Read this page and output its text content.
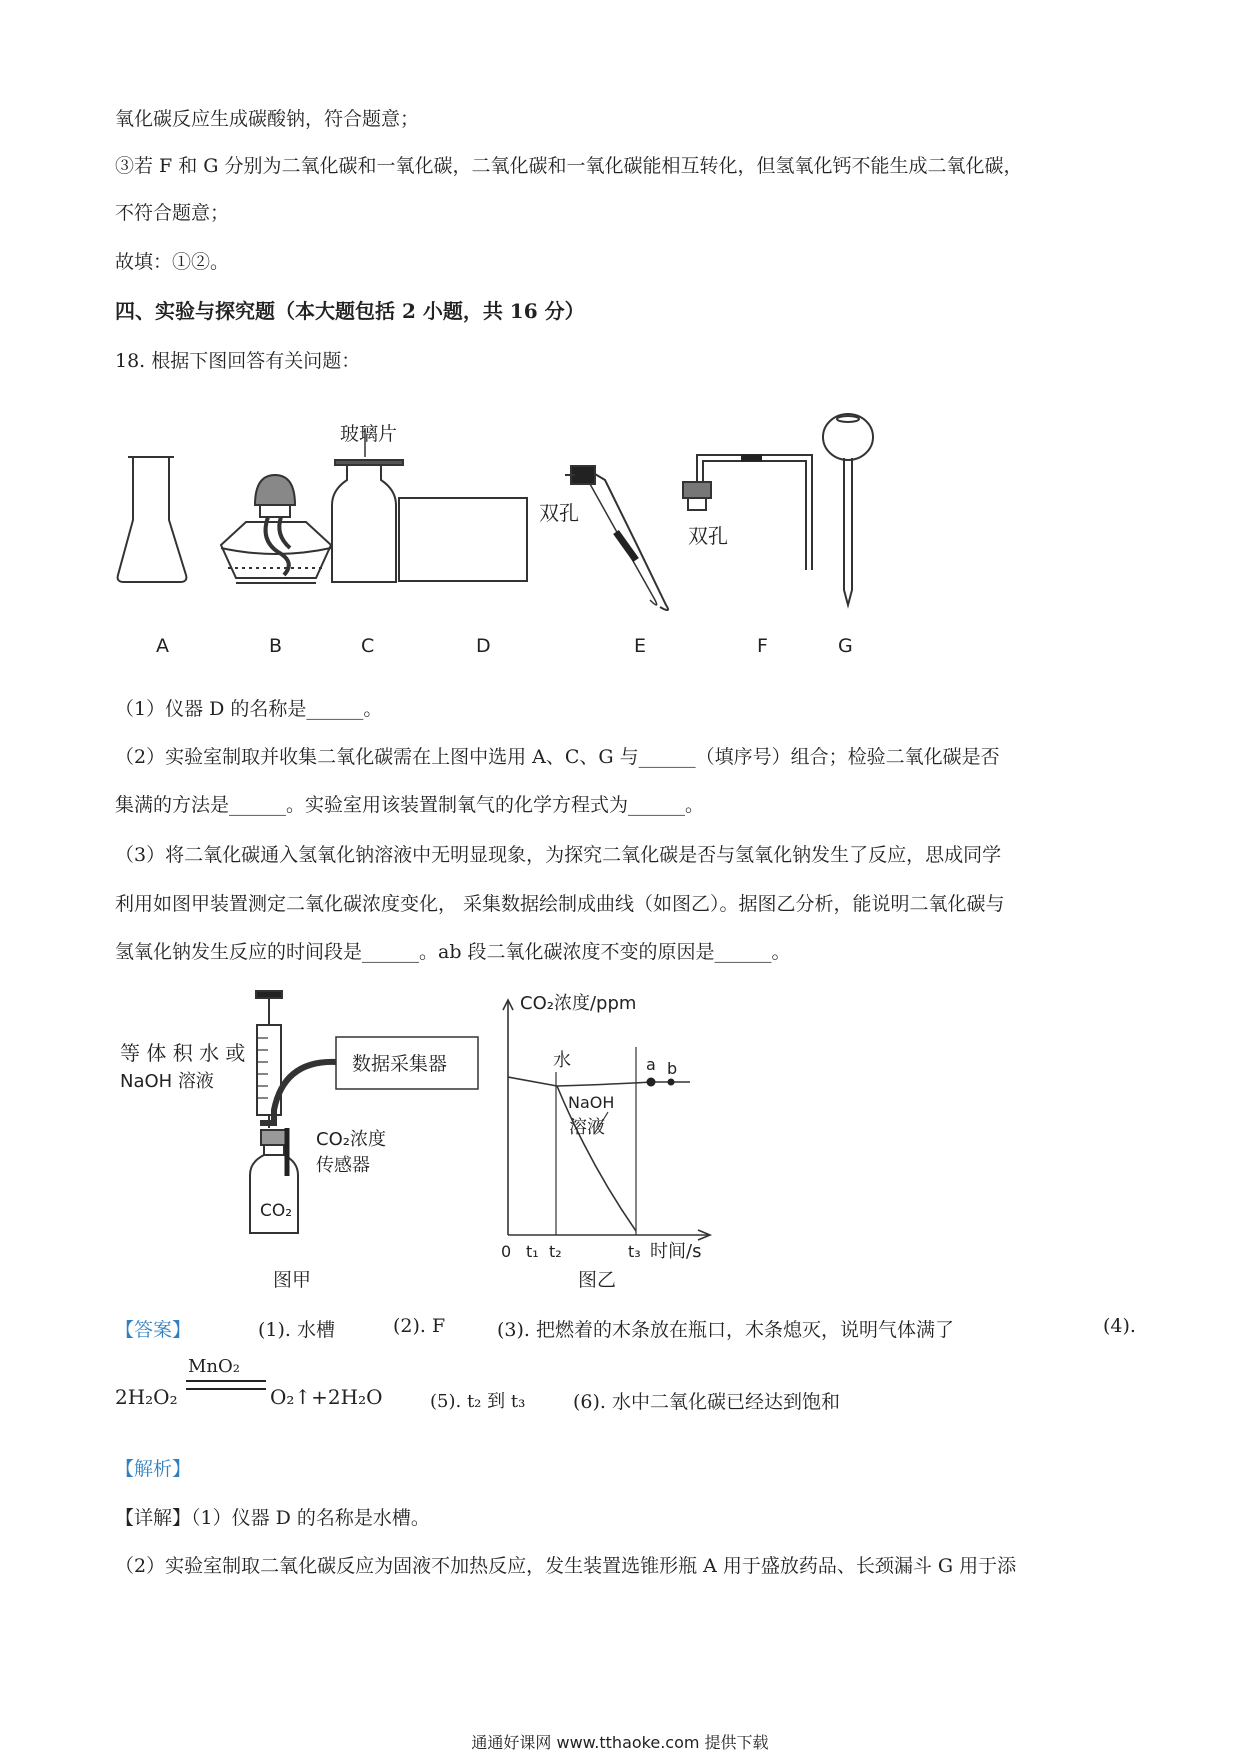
氧化碳反应生成碳酸钠，符合题意；
③若 F 和 G 分别为二氧化碳和一氧化碳，二氧化碳和一氧化碳能相互转化，但氢氧化钙不能生成二氧化碳，
不符合题意；
故填：①②。
四、实验与探究题（本大题包括 2 小题，共 16 分）
18. 根据下图回答有关问题：
玻璃片
双孔
双孔
A	B	C	D	E	F	G
（1）仪器 D 的名称是______。
（2）实验室制取并收集二氧化碳需在上图中选用 A、C、G 与______（填序号）组合；检验二氧化碳是否
集满的方法是______。实验室用该装置制氧气的化学方程式为______。
（3）将二氧化碳通入氢氧化钠溶液中无明显现象，为探究二氧化碳是否与氢氧化钠发生了反应，思成同学
利用如图甲装置测定二氧化碳浓度变化， 采集数据绘制成曲线（如图乙）。据图乙分析，能说明二氧化碳与
氢氧化钠发生反应的时间段是______。ab 段二氧化碳浓度不变的原因是______。
等 体 积 水 或
NaOH 溶液
数据采集器
CO₂浓度
传感器
CO₂
图甲
CO₂浓度/ppm
水
NaOH
溶液
a b
0 t₁ t₂	t₃ 时间/s
图乙
【答案】	(1). 水槽	(2). F	(3). 把燃着的木条放在瓶口，木条熄灭，说明气体满了	(4).
MnO₂
2H₂O₂	O₂↑+2H₂O	(5). t₂ 到 t₃	(6). 水中二氧化碳已经达到饱和
【解析】
【详解】（1）仪器 D 的名称是水槽。
（2）实验室制取二氧化碳反应为固液不加热反应，发生装置选锥形瓶 A 用于盛放药品、长颈漏斗 G 用于添
通通好课网 www.tthaoke.com 提供下载
